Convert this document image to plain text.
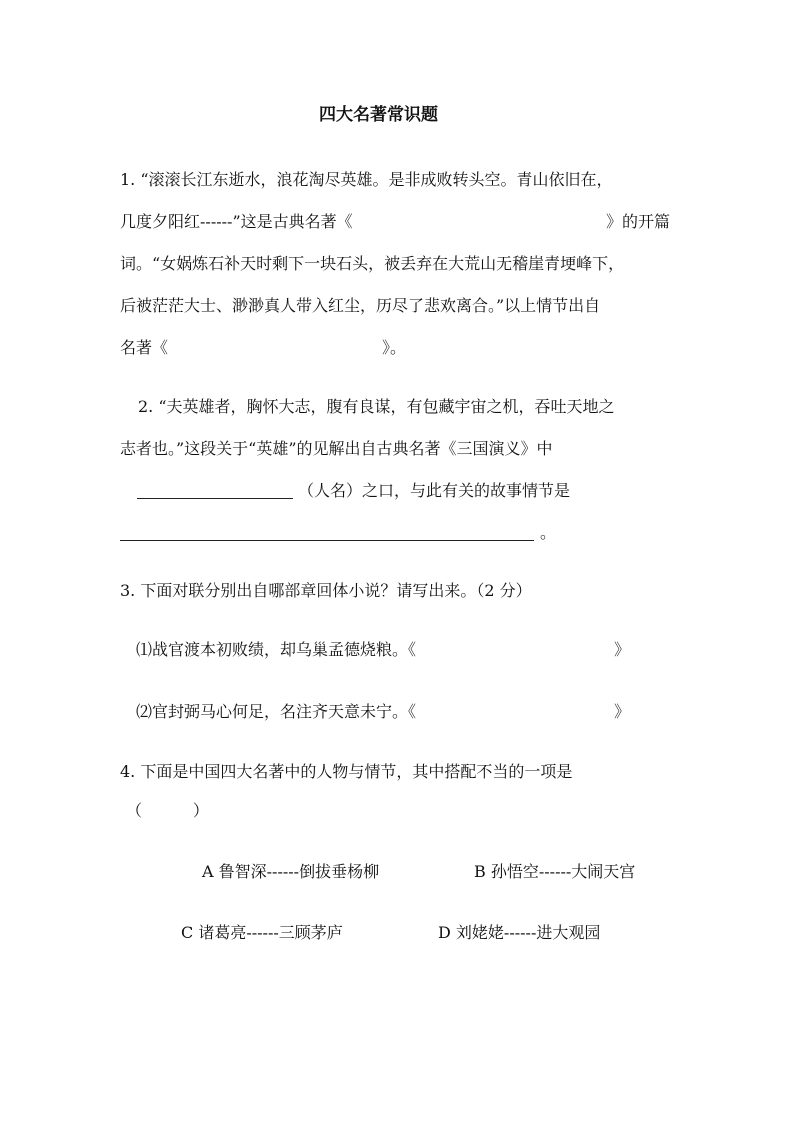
四大名著常识题
1. “滚滚长江东逝水，浪花淘尽英雄。是非成败转头空。青山依旧在，
几度夕阳红------”这是古典名著《	》的开篇
词。“女娲炼石补天时剩下一块石头，被丢弃在大荒山无稽崖青埂峰下，
后被茫茫大士、渺渺真人带入红尘，历尽了悲欢离合。”以上情节出自
名著《	》。
2. “夫英雄者，胸怀大志，腹有良谋，有包藏宇宙之机，吞吐天地之
志者也。”这段关于“英雄”的见解出自古典名著《三国演义》中
（人名）之口，与此有关的故事情节是
。
3. 下面对联分别出自哪部章回体小说？请写出来。（2 分）
⑴战官渡本初败绩，却乌巢孟德烧粮。《	》
⑵官封弼马心何足，名注齐天意未宁。《	》
4. 下面是中国四大名著中的人物与情节，其中搭配不当的一项是
（          ）
A 鲁智深------倒拔垂杨柳	B 孙悟空------大闹天宫
C 诸葛亮------三顾茅庐	D 刘姥姥------进大观园
